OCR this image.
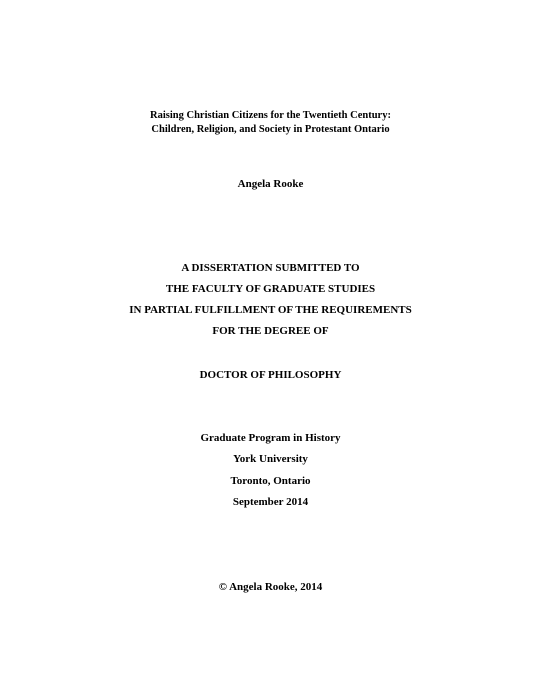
Raising Christian Citizens for the Twentieth Century:
Children, Religion, and Society in Protestant Ontario
Angela Rooke
A DISSERTATION SUBMITTED TO
THE FACULTY OF GRADUATE STUDIES
IN PARTIAL FULFILLMENT OF THE REQUIREMENTS
FOR THE DEGREE OF
DOCTOR OF PHILOSOPHY
Graduate Program in History
York University
Toronto, Ontario
September 2014
© Angela Rooke, 2014
